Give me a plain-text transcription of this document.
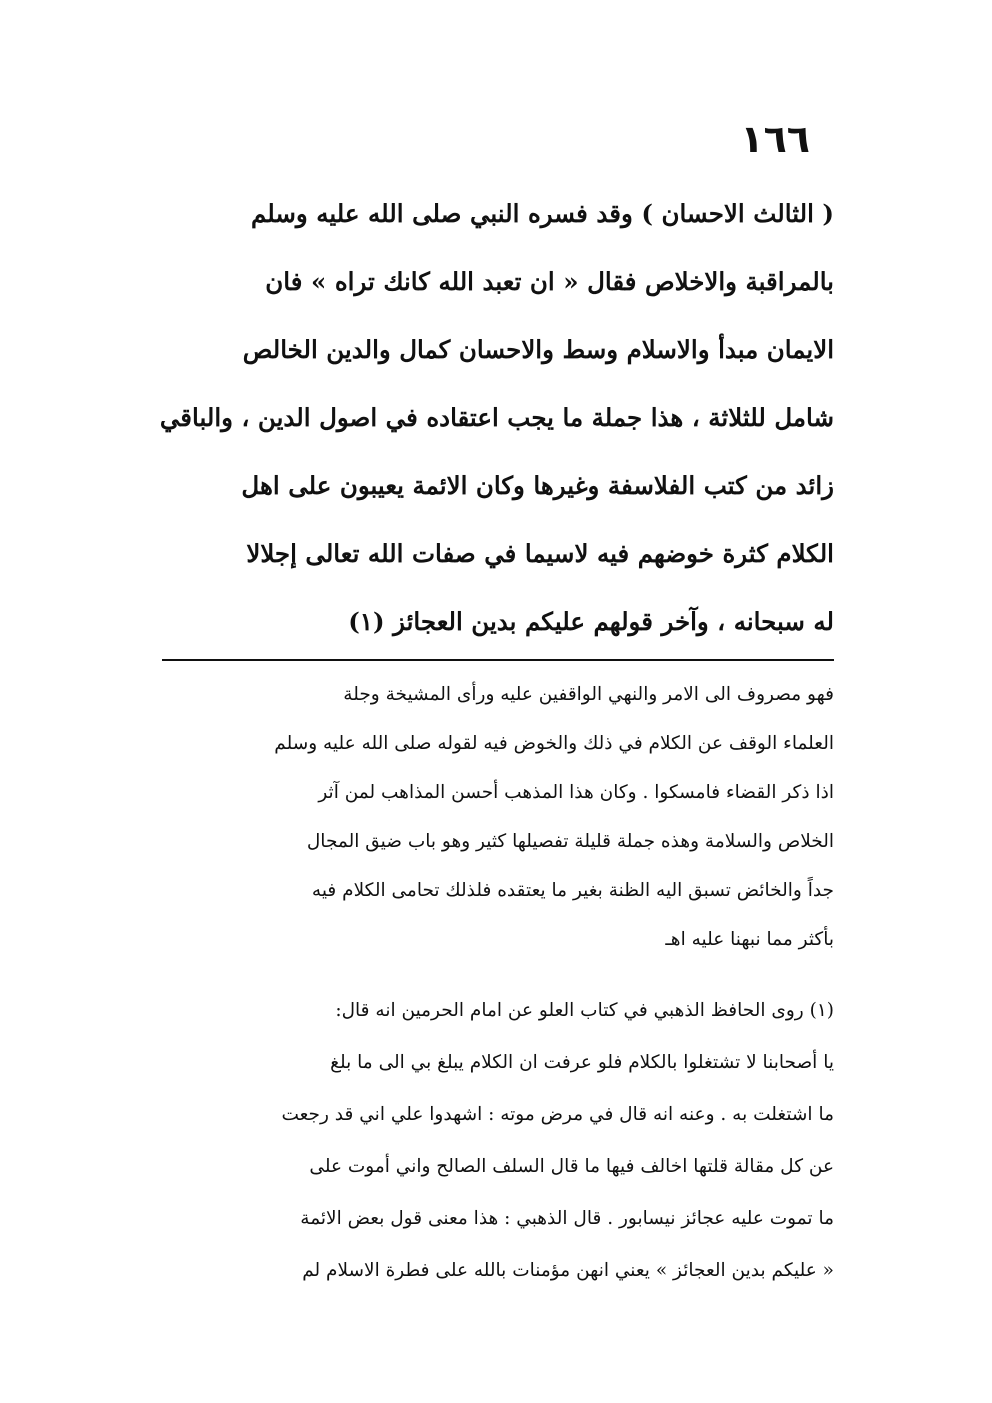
١٦٦
( الثالث الاحسان ) وقد فسره النبي صلى الله عليه وسلم
بالمراقبة والاخلاص فقال « ان تعبد الله كانك تراه » فان
الايمان مبدأ والاسلام وسط والاحسان كمال والدين الخالص
شامل للثلاثة ، هذا جملة ما يجب اعتقاده في اصول الدين ، والباقي
زائد من كتب الفلاسفة وغيرها وكان الائمة يعيبون على اهل
الكلام كثرة خوضهم فيه لاسيما في صفات الله تعالى إجلالا
له سبحانه ، وآخر قولهم عليكم بدين العجائز (١)
فهو مصروف الى الامر والنهي الواقفين عليه ورأى المشيخة وجلة
العلماء الوقف عن الكلام في ذلك والخوض فيه لقوله صلى الله عليه وسلم
اذا ذكر القضاء فامسكوا . وكان هذا المذهب أحسن المذاهب لمن آثر
الخلاص والسلامة وهذه جملة قليلة تفصيلها كثير وهو باب ضيق المجال
جداً والخائض تسبق اليه الظنة بغير ما يعتقده فلذلك تحامى الكلام فيه
بأكثر مما نبهنا عليه اهـ
(١) روى الحافظ الذهبي في كتاب العلو عن امام الحرمين انه قال:
يا أصحابنا لا تشتغلوا بالكلام فلو عرفت ان الكلام يبلغ بي الى ما بلغ
ما اشتغلت به . وعنه انه قال في مرض موته : اشهدوا علي اني قد رجعت
عن كل مقالة قلتها اخالف فيها ما قال السلف الصالح واني أموت على
ما تموت عليه عجائز نيسابور . قال الذهبي : هذا معنى قول بعض الائمة
« عليكم بدين العجائز » يعني انهن مؤمنات بالله على فطرة الاسلام لم
